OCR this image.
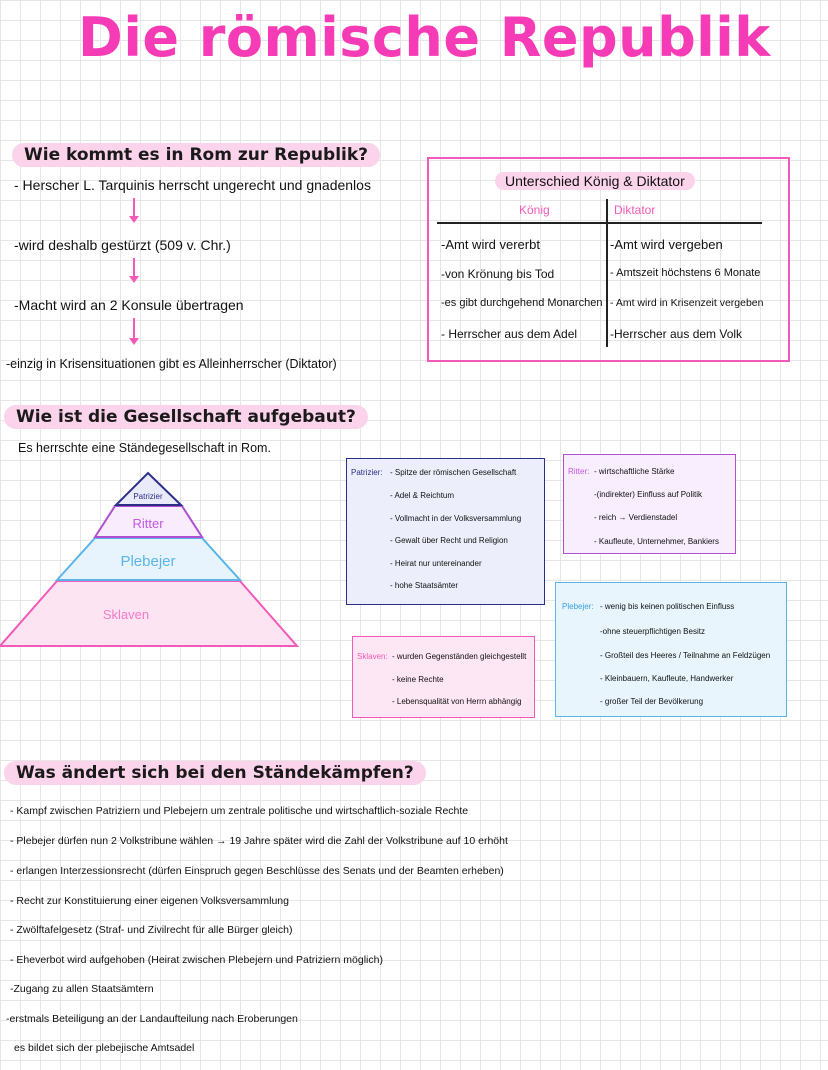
Die römische Republik
Wie kommt es in Rom zur Republik?
- Herscher L. Tarquinis herrscht ungerecht und gnadenlos
-wird deshalb gestürzt (509 v. Chr.)
-Macht wird an 2 Konsule übertragen
-einzig in Krisensituationen gibt es Alleinherrscher (Diktator)
Unterschied König & Diktator
König	Diktator
-Amt wird vererbt
-von Krönung bis Tod
-es gibt durchgehend Monarchen
- Herrscher aus dem Adel
-Amt wird vergeben
- Amtszeit höchstens 6 Monate
- Amt wird in Krisenzeit vergeben
-Herrscher aus dem Volk
Wie ist die Gesellschaft aufgebaut?
Es herrschte eine Ständegesellschaft in Rom.
Patrizier
Ritter
Plebejer
Sklaven
Patrizier: - Spitze der römischen Gesellschaft
- Adel & Reichtum
- Vollmacht in der Volksversammlung
- Gewalt über Recht und Religion
- Heirat nur untereinander
- hohe Staatsämter
Ritter: - wirtschaftliche Stärke
-(indirekter) Einfluss auf Politik
- reich → Verdienstadel
- Kaufleute, Unternehmer, Bankiers
Plebejer: - wenig bis keinen politischen Einfluss
-ohne steuerpflichtigen Besitz
- Großteil des Heeres / Teilnahme an Feldzügen
- Kleinbauern, Kaufleute, Handwerker
- großer Teil der Bevölkerung
Sklaven: - wurden Gegenständen gleichgestellt
- keine Rechte
- Lebensqualität von Herrn abhängig
Was ändert sich bei den Ständekämpfen?
- Kampf zwischen Patriziern und Plebejern um zentrale politische und wirtschaftlich-soziale Rechte
- Plebejer dürfen nun 2 Volkstribune wählen → 19 Jahre später wird die Zahl der Volkstribune auf 10 erhöht
- erlangen Interzessionsrecht (dürfen Einspruch gegen Beschlüsse des Senats und der Beamten erheben)
- Recht zur Konstituierung einer eigenen Volksversammlung
- Zwölftafelgesetz (Straf- und Zivilrecht für alle Bürger gleich)
- Eheverbot wird aufgehoben (Heirat zwischen Plebejern und Patriziern möglich)
-Zugang zu allen Staatsämtern
-erstmals Beteiligung an der Landaufteilung nach Eroberungen
es bildet sich der plebejische Amtsadel
